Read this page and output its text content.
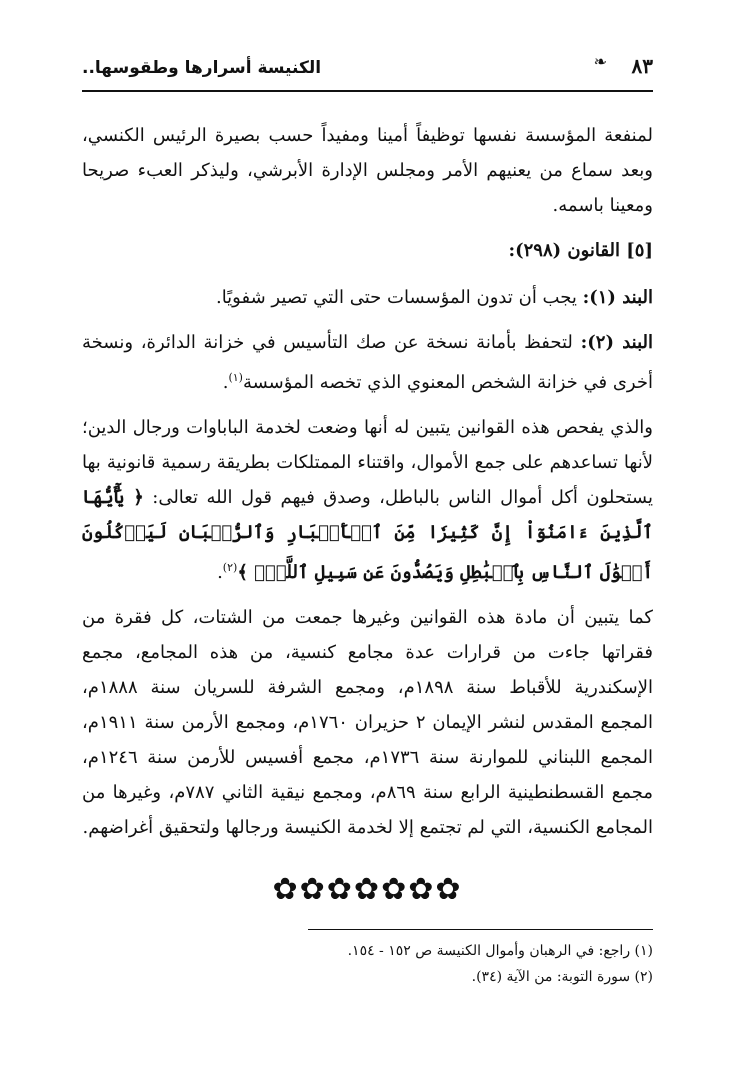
٨٣
❧
الكنيسة أسرارها وطقوسها..

لمنفعة المؤسسة نفسها توظيفاً أمينا ومفيداً حسب بصيرة الرئيس الكنسي، وبعد سماع من يعنيهم الأمر ومجلس الإدارة الأبرشي، وليذكر العبء صريحا ومعينا باسمه.

[٥] القانون (٢٩٨):

البند (١): يجب أن تدون المؤسسات حتى التي تصير شفويًا.

البند (٢): لتحفظ بأمانة نسخة عن صك التأسيس في خزانة الدائرة، ونسخة أخرى في خزانة الشخص المعنوي الذي تخصه المؤسسة$^{(١)}$.

والذي يفحص هذه القوانين يتبين له أنها وضعت لخدمة الباباوات ورجال الدين؛ لأنها تساعدهم على جمع الأموال، واقتناء الممتلكات بطريقة رسمية قانونية بها يستحلون أكل أموال الناس بالباطل، وصدق فيهم قول الله تعالى: ﴿ يَٰٓأَيُّهَا ٱلَّذِينَ ءَامَنُوٓاْ إِنَّ كَثِيرٗا مِّنَ ٱلۡأَحۡبَارِ وَٱلرُّهۡبَانِ لَيَأۡكُلُونَ أَمۡوَٰلَ ٱلنَّاسِ بِٱلۡبَٰطِلِ وَيَصُدُّونَ عَن سَبِيلِ ٱللَّهِۗ ﴾$^{(٢)}$.

كما يتبين أن مادة هذه القوانين وغيرها جمعت من الشتات، كل فقرة من فقراتها جاءت من قرارات عدة مجامع كنسية، من هذه المجامع، مجمع الإسكندرية للأقباط سنة ١٨٩٨م، ومجمع الشرفة للسريان سنة ١٨٨٨م، المجمع المقدس لنشر الإيمان ٢ حزيران ١٧٦٠م، ومجمع الأرمن سنة ١٩١١م، المجمع اللبناني للموارنة سنة ١٧٣٦م، مجمع أفسيس للأرمن سنة ١٢٤٦م، مجمع القسطنطينية الرابع سنة ٨٦٩م، ومجمع نيقية الثاني ٧٨٧م، وغيرها من المجامع الكنسية، التي لم تجتمع إلا لخدمة الكنيسة ورجالها ولتحقيق أغراضهم.

✿✿✿✿✿✿✿
(١) راجع: في الرهبان وأموال الكنيسة ص ١٥٢ - ١٥٤.
(٢) سورة التوبة: من الآية (٣٤).
